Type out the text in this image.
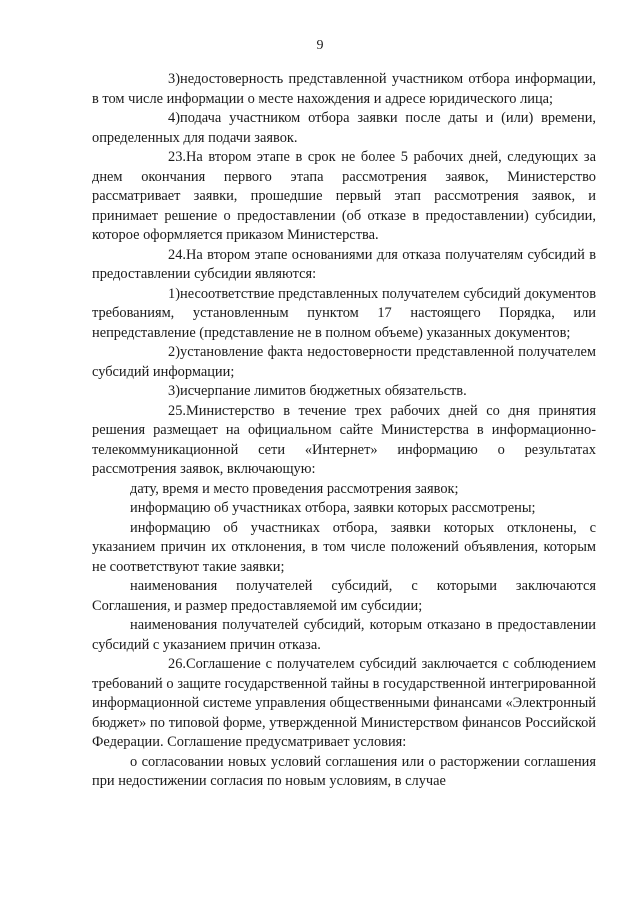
9

3)недостоверность представленной участником отбора информации, в том числе информации о месте нахождения и адресе юридического лица;

4)подача участником отбора заявки после даты и (или) времени, определенных для подачи заявок.

23.На втором этапе в срок не более 5 рабочих дней, следующих за днем окончания первого этапа рассмотрения заявок, Министерство рассматривает заявки, прошедшие первый этап рассмотрения заявок, и принимает решение о предоставлении (об отказе в предоставлении) субсидии, которое оформляется приказом Министерства.

24.На втором этапе основаниями для отказа получателям субсидий в предоставлении субсидии являются:

1)несоответствие представленных получателем субсидий документов требованиям, установленным пунктом 17 настоящего Порядка, или непредставление (представление не в полном объеме) указанных документов;

2)установление факта недостоверности представленной получателем субсидий информации;

3)исчерпание лимитов бюджетных обязательств.

25.Министерство в течение трех рабочих дней со дня принятия решения размещает на официальном сайте Министерства в информационно-телекоммуникационной сети «Интернет» информацию о результатах рассмотрения заявок, включающую:

дату, время и место проведения рассмотрения заявок;

информацию об участниках отбора, заявки которых рассмотрены;

информацию об участниках отбора, заявки которых отклонены, с указанием причин их отклонения, в том числе положений объявления, которым не соответствуют такие заявки;

наименования получателей субсидий, с которыми заключаются Соглашения, и размер предоставляемой им субсидии;

наименования получателей субсидий, которым отказано в предоставлении субсидий с указанием причин отказа.

26.Соглашение с получателем субсидий заключается с соблюдением требований о защите государственной тайны в государственной интегрированной информационной системе управления общественными финансами «Электронный бюджет» по типовой форме, утвержденной Министерством финансов Российской Федерации. Соглашение предусматривает условия:

о согласовании новых условий соглашения или о расторжении соглашения при недостижении согласия по новым условиям, в случае
